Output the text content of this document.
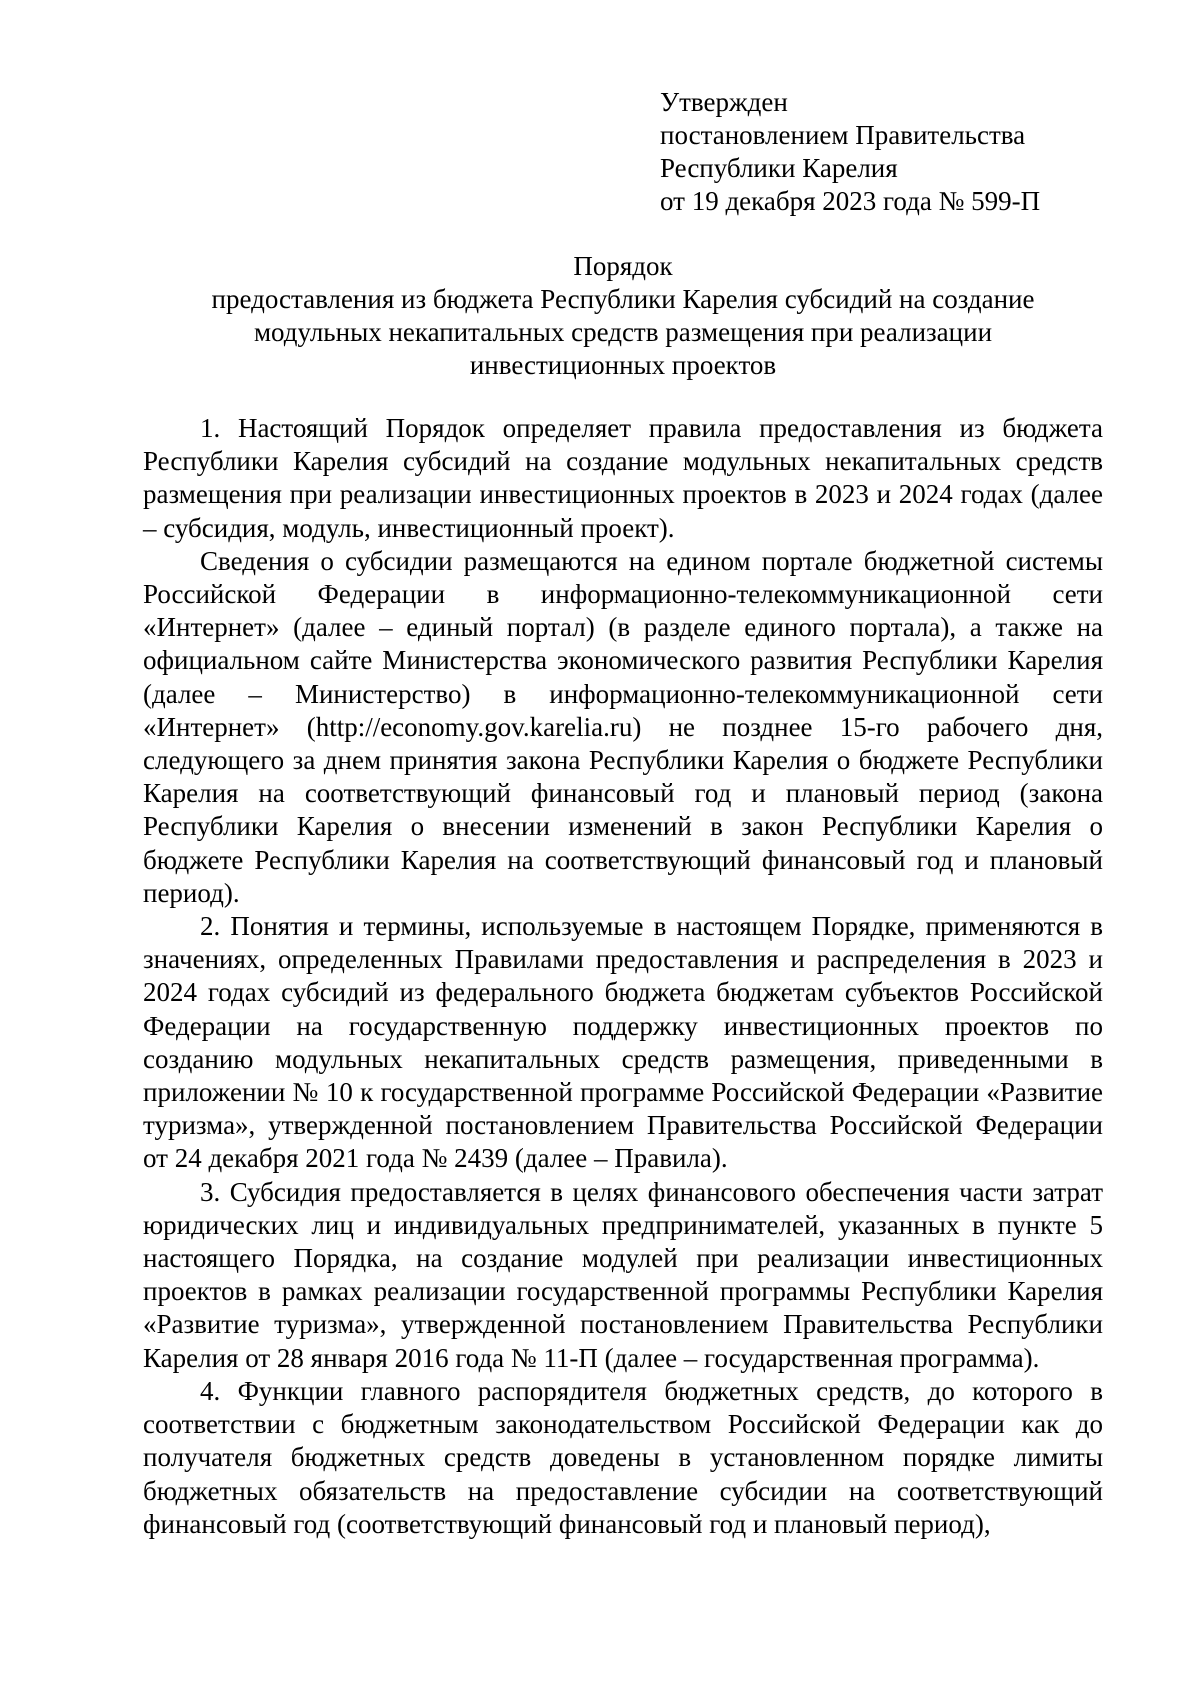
Утвержден
постановлением Правительства
Республики Карелия
от 19 декабря 2023 года № 599-П
Порядок
предоставления из бюджета Республики Карелия субсидий на создание
модульных некапитальных средств размещения при реализации
инвестиционных проектов

1. Настоящий Порядок определяет правила предоставления из бюджета Республики Карелия субсидий на создание модульных некапитальных средств размещения при реализации инвестиционных проектов в 2023 и 2024 годах (далее – субсидия, модуль, инвестиционный проект).

Сведения о субсидии размещаются на едином портале бюджетной системы Российской Федерации в информационно-телекоммуникационной сети «Интернет» (далее – единый портал) (в разделе единого портала), а также на официальном сайте Министерства экономического развития Республики Карелия (далее – Министерство) в информационно-телекоммуникационной сети «Интернет» (http://economy.gov.karelia.ru) не позднее 15-го рабочего дня, следующего за днем принятия закона Республики Карелия о бюджете Республики Карелия на соответствующий финансовый год и плановый период (закона Республики Карелия о внесении изменений в закон Республики Карелия о бюджете Республики Карелия на соответствующий финансовый год и плановый период).

2. Понятия и термины, используемые в настоящем Порядке, применяются в значениях, определенных Правилами предоставления и распределения в 2023 и 2024 годах субсидий из федерального бюджета бюджетам субъектов Российской Федерации на государственную поддержку инвестиционных проектов по созданию модульных некапитальных средств размещения, приведенными в приложении № 10 к государственной программе Российской Федерации «Развитие туризма», утвержденной постановлением Правительства Российской Федерации от 24 декабря 2021 года № 2439 (далее – Правила).

3. Субсидия предоставляется в целях финансового обеспечения части затрат юридических лиц и индивидуальных предпринимателей, указанных в пункте 5 настоящего Порядка, на создание модулей при реализации инвестиционных проектов в рамках реализации государственной программы Республики Карелия «Развитие туризма», утвержденной постановлением Правительства Республики Карелия от 28 января 2016 года № 11-П (далее – государственная программа).

4. Функции главного распорядителя бюджетных средств, до которого в соответствии с бюджетным законодательством Российской Федерации как до получателя бюджетных средств доведены в установленном порядке лимиты бюджетных обязательств на предоставление субсидии на соответствующий финансовый год (соответствующий финансовый год и плановый период),
